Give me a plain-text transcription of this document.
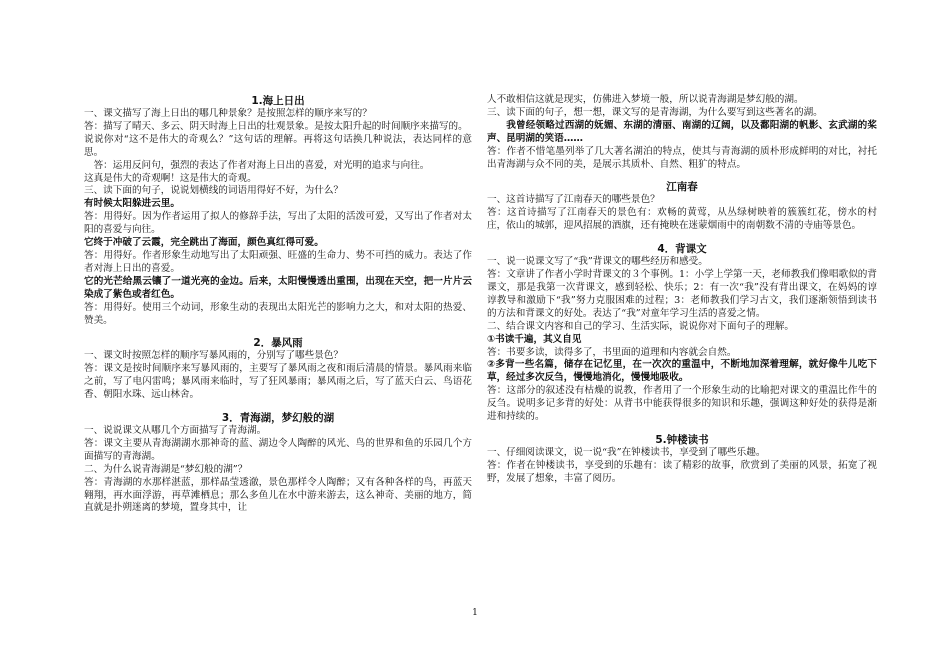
1.海上日出
一、课文描写了海上日出的哪几种景象？是按照怎样的顺序来写的？
答：描写了晴天、多云、阴天时海上日出的壮观景象。是按太阳升起的时间顺序来描写的。
说说你对“这不是伟大的奇观么？”这句话的理解。再将这句话换几种说法，表达同样的意思。
　答：运用反问句，强烈的表达了作者对海上日出的喜爱，对光明的追求与向往。
这真是伟大的奇观啊！这是伟大的奇观。
三、读下面的句子，说说划横线的词语用得好不好，为什么？
有时候太阳躲进云里。
答：用得好。因为作者运用了拟人的修辞手法，写出了太阳的活泼可爱，又写出了作者对太阳的喜爱与向往。
它终于冲破了云霞，完全跳出了海面，颜色真红得可爱。
答：用得好。作者形象生动地写出了太阳顽强、旺盛的生命力、势不可挡的威力。表达了作者对海上日出的喜爱。
它的光芒给黑云镶了一道光亮的金边。后来，太阳慢慢透出重围，出现在天空，把一片片云染成了紫色或者红色。
答：用得好。使用三个动词，形象生动的表现出太阳光芒的影响力之大，和对太阳的热爱、赞美。
2．暴风雨
一、课文时按照怎样的顺序写暴风雨的，分别写了哪些景色？
答：课文是按时间顺序来写暴风雨的，主要写了暴风雨之夜和雨后清晨的情景。暴风雨来临之前，写了电闪雷鸣；暴风雨来临时，写了狂风暴雨；暴风雨之后，写了蓝天白云、鸟语花香、朝阳水珠、远山林舍。
3．青海湖，梦幻般的湖
一、说说课文从哪几个方面描写了青海湖。
答：课文主要从青海湖湖水那神奇的蓝、湖边令人陶醉的风光、鸟的世界和鱼的乐园几个方面描写的青海湖。
二、为什么说青海湖是“梦幻般的湖”？
答：青海湖的水那样湛蓝，那样晶莹透澈，景色那样令人陶醉；又有各种各样的鸟，再蓝天翱翔，再水面浮游，再草滩栖息；那么多鱼儿在水中游来游去，这么神奇、美丽的地方，简直就是扑朔迷离的梦境，置身其中，让
人不敢相信这就是现实，仿佛进入梦境一般，所以说青海湖是梦幻般的湖。
三、读下面的句子，想一想，课文写的是青海湖，为什么要写到这些著名的湖。
我曾经领略过西湖的妩媚、东湖的清丽、南湖的辽阔，以及鄱阳湖的帆影、玄武湖的桨声、昆明湖的笑语……
答：作者不惜笔墨列举了几大著名湖泊的特点，使其与青海湖的质朴形成鲜明的对比，衬托出青海湖与众不同的美，是展示其质朴、自然、粗犷的特点。
江南春
一、这首诗描写了江南春天的哪些景色？
答：这首诗描写了江南春天的景色有：欢畅的黄莺，从丛绿树映着的簇簇红花，傍水的村庄，依山的城郭，迎风招展的酒旗，还有掩映在迷蒙烟雨中的南朝数不清的寺庙等景色。
4．背课文
一、说一说课文写了“我”背课文的哪些经历和感受。
答：文章讲了作者小学时背课文的３个事例。1：小学上学第一天，老师教我们像唱歌似的背课文，那是我第一次背课文，感到轻松、快乐；2：有一次“我”没有背出课文，在妈妈的谆谆教导和激励下“我”努力克服困难的过程；3：老师教我们学习古文，我们逐渐领悟到读书的方法和背课文的好处。表达了“我”对童年学习生活的喜爱之情。
二、结合课文内容和自己的学习、生活实际，说说你对下面句子的理解。
①书读千遍，其义自见
答：书要多读，读得多了，书里面的道理和内容就会自然。
②多背一些名篇，储存在记忆里，在一次次的重温中，不断地加深着理解，就好像牛儿吃下草，经过多次反刍，慢慢地消化，慢慢地吸收。
答：这部分的叙述没有枯燥的说教，作者用了一个形象生动的比喻把对课文的重温比作牛的反刍。说明多记多背的好处：从背书中能获得很多的知识和乐趣，强调这种好处的获得是渐进和持续的。
5.钟楼读书
一、仔细阅读课文，说一说“我”在钟楼读书，享受到了哪些乐趣。
答：作者在钟楼读书，享受到的乐趣有：读了精彩的故事，欣赏到了美丽的风景，拓宽了视野，发展了想象，丰富了阅历。
1
